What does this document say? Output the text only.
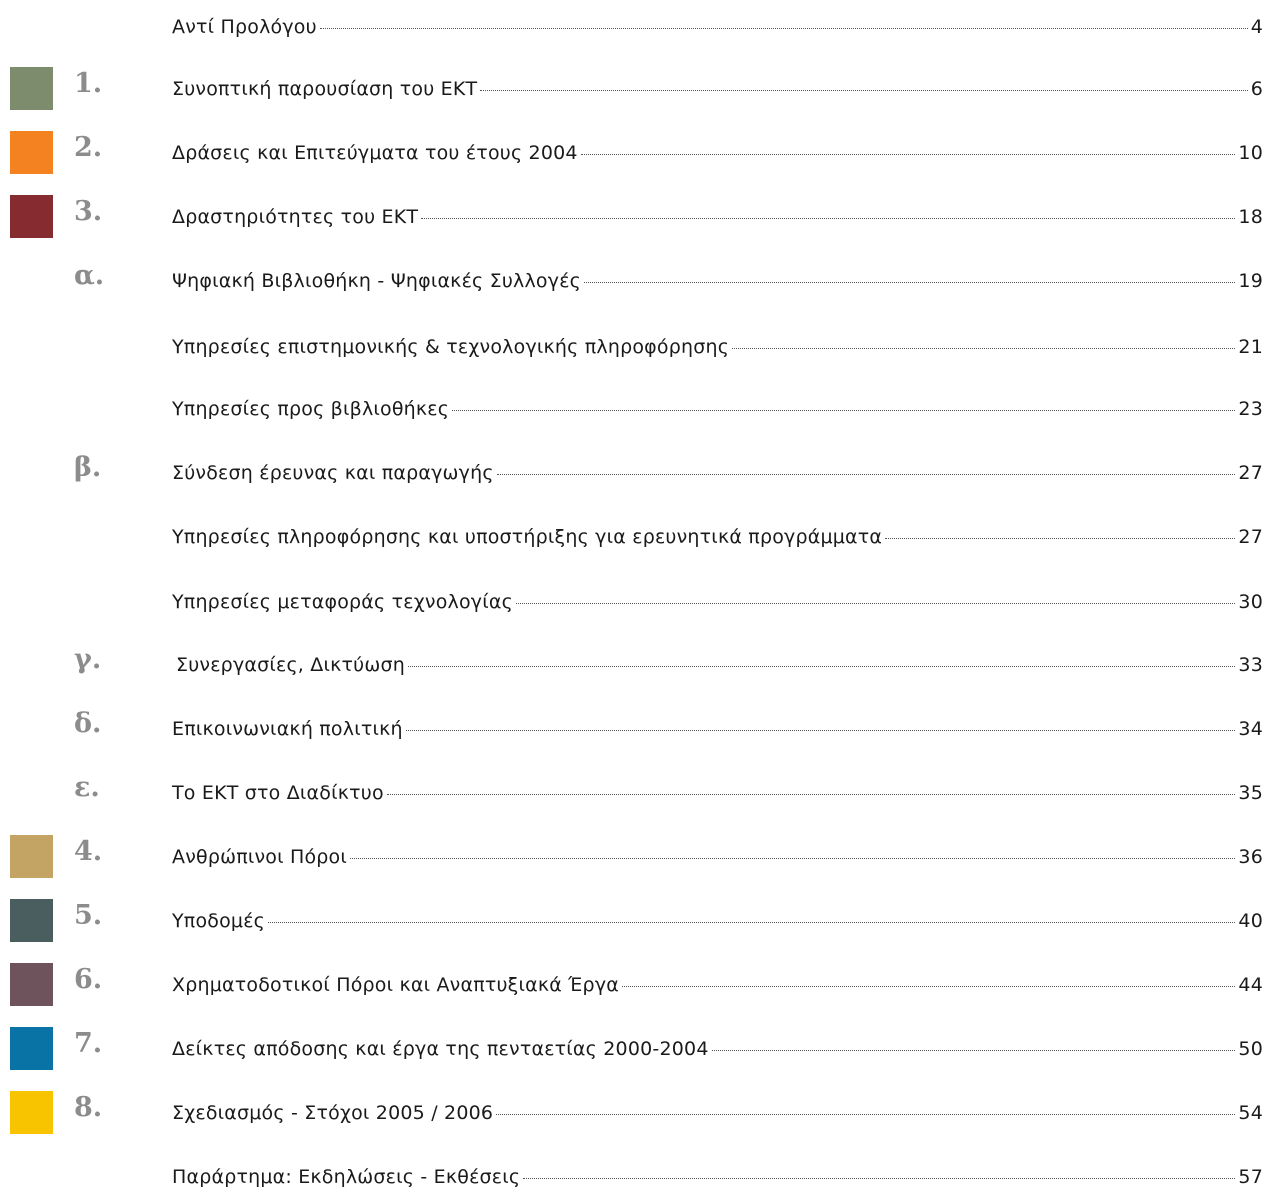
Αντί Προλόγου	4
1.	Συνοπτική παρουσίαση του ΕΚΤ	6
2.	Δράσεις και Επιτεύγματα του έτους 2004	10
3.	Δραστηριότητες του ΕΚΤ	18
α.	Ψηφιακή Βιβλιοθήκη - Ψηφιακές Συλλογές	19
Υπηρεσίες επιστημονικής & τεχνολογικής πληροφόρησης	21
Υπηρεσίες προς βιβλιοθήκες	23
β.	Σύνδεση έρευνας και παραγωγής	27
Υπηρεσίες πληροφόρησης και υποστήριξης για ερευνητικά προγράμματα	27
Υπηρεσίες μεταφοράς τεχνολογίας	30
γ.	Συνεργασίες, Δικτύωση	33
δ.	Επικοινωνιακή πολιτική	34
ε.	Το ΕΚΤ στο Διαδίκτυο	35
4.	Ανθρώπινοι Πόροι	36
5.	Υποδομές	40
6.	Χρηματοδοτικοί Πόροι και Αναπτυξιακά Έργα	44
7.	Δείκτες απόδοσης και έργα της πενταετίας 2000-2004	50
8.	Σχεδιασμός - Στόχοι 2005 / 2006	54
Παράρτημα: Εκδηλώσεις - Εκθέσεις	57
